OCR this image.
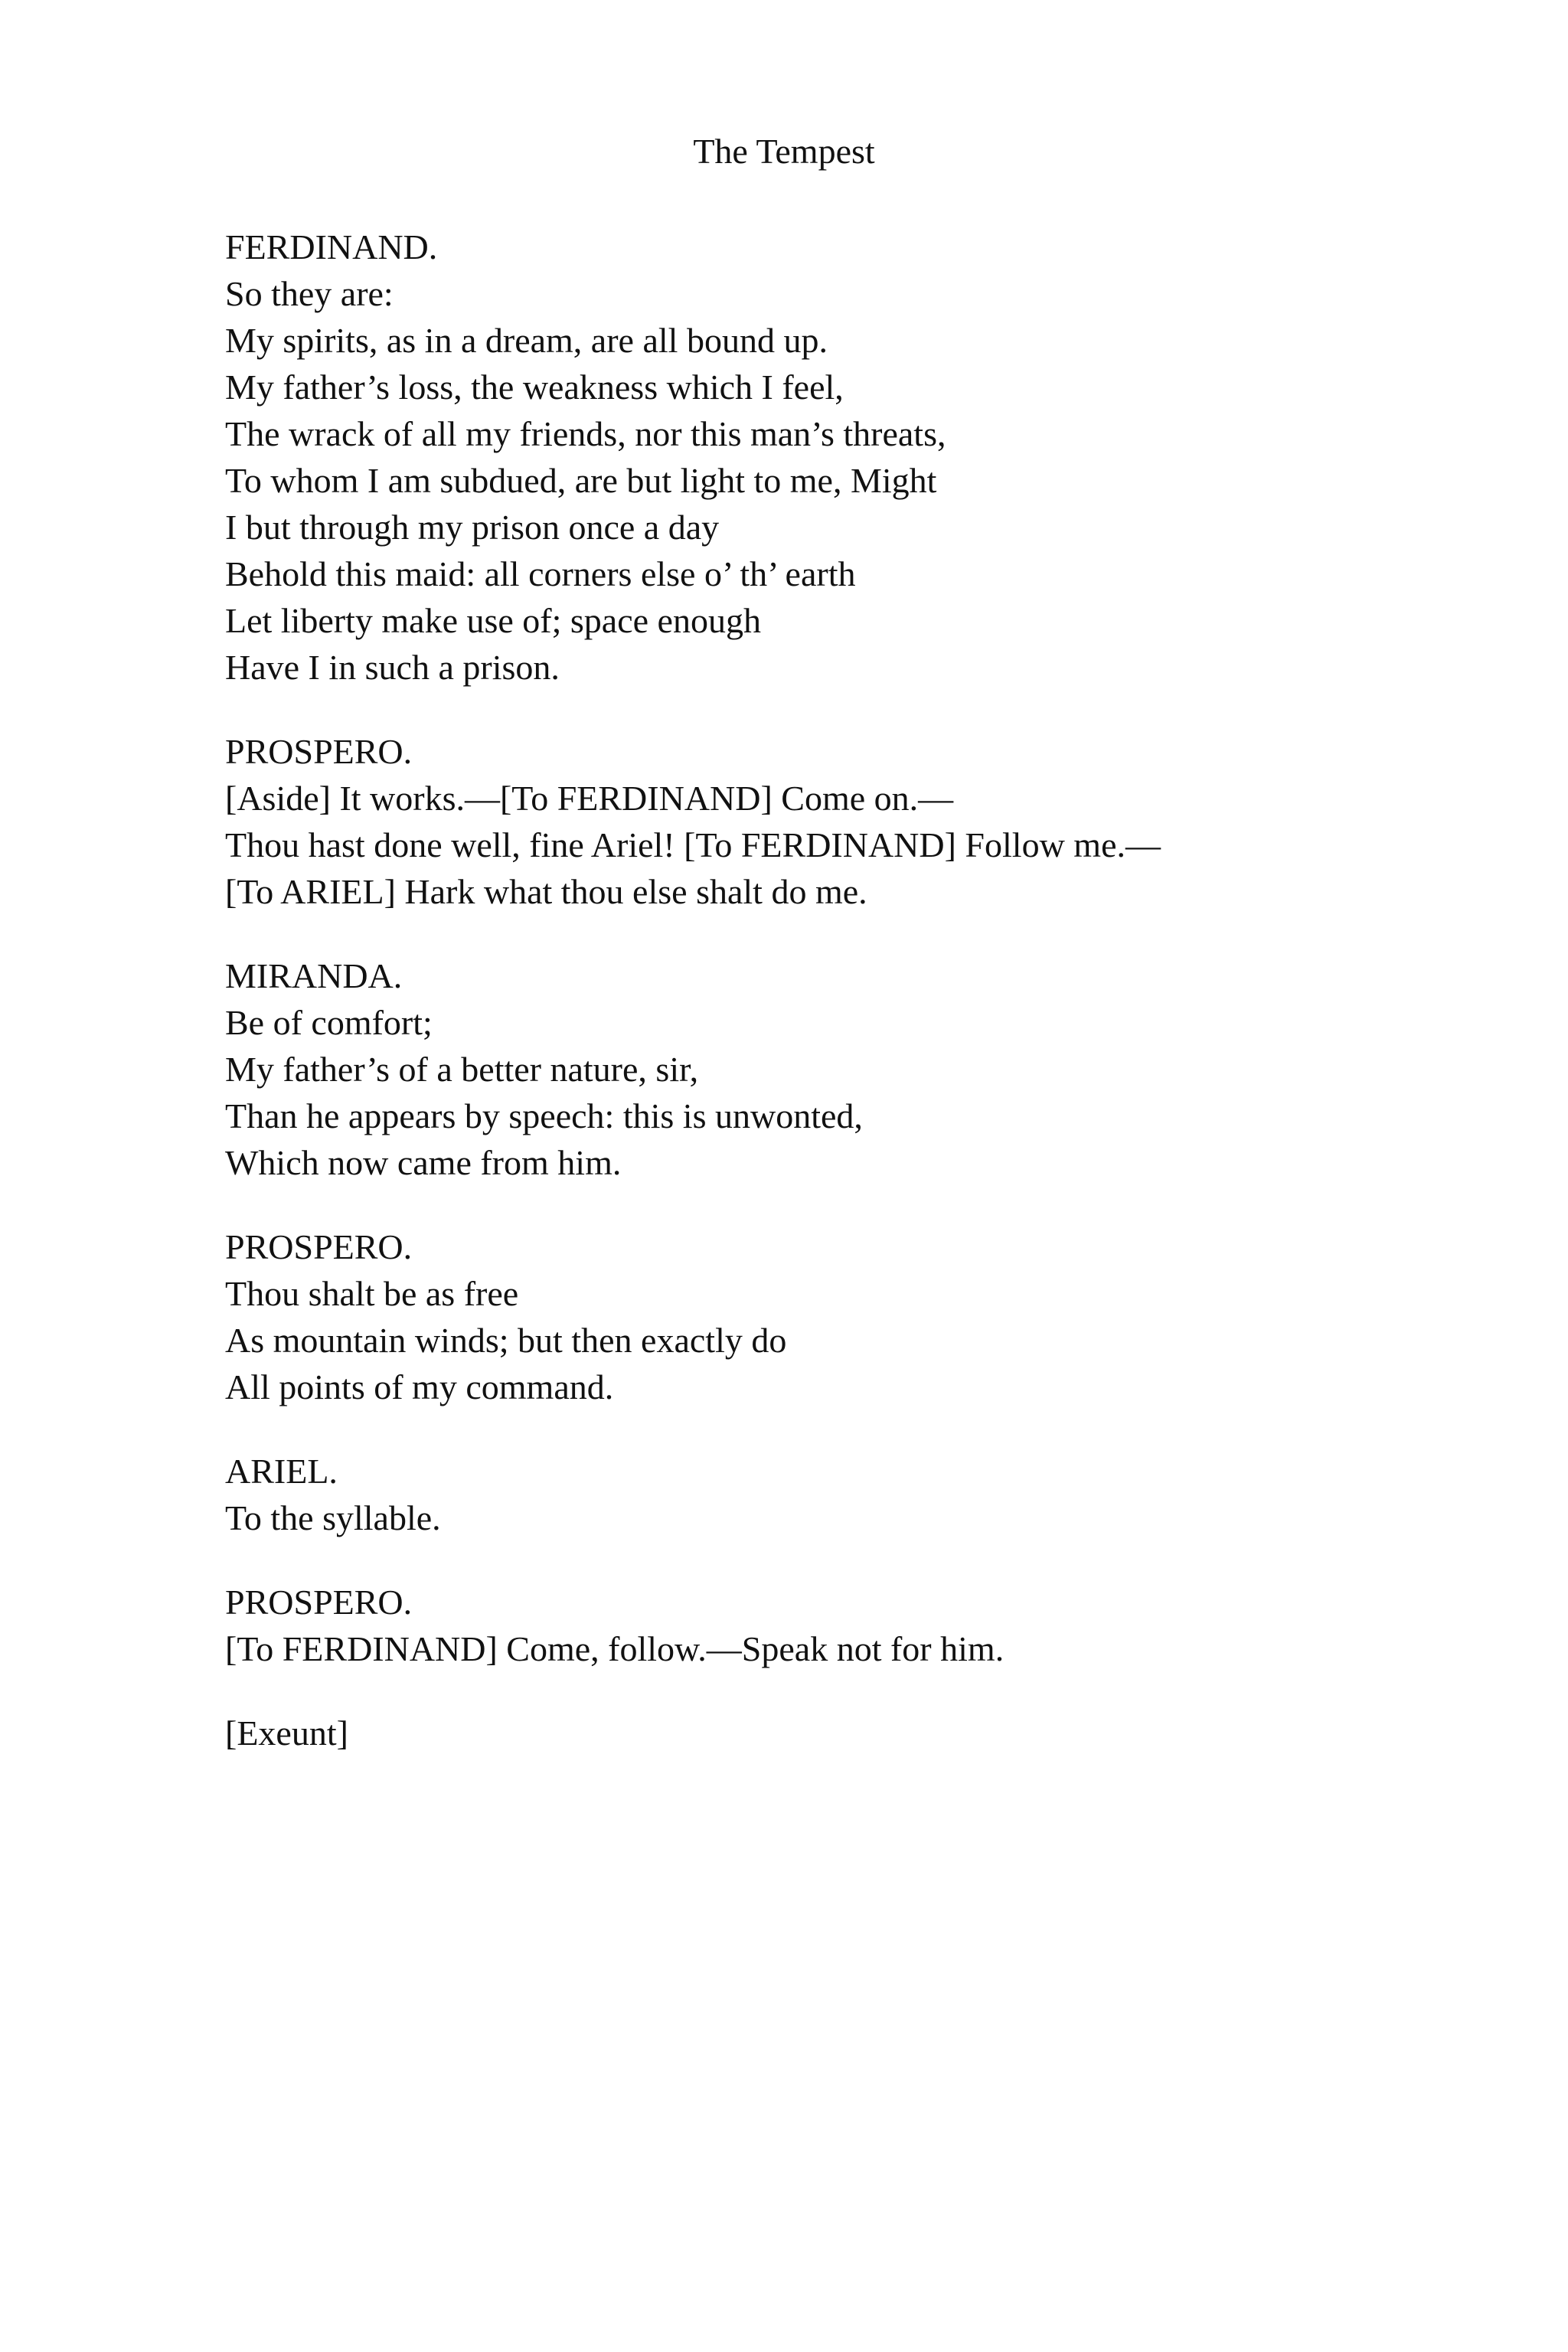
The Tempest
FERDINAND.
So they are:
My spirits, as in a dream, are all bound up.
My father’s loss, the weakness which I feel,
The wrack of all my friends, nor this man’s threats,
To whom I am subdued, are but light to me, Might
I but through my prison once a day
Behold this maid: all corners else o’ th’ earth
Let liberty make use of; space enough
Have I in such a prison.
PROSPERO.
[Aside] It works.—[To FERDINAND] Come on.—
Thou hast done well, fine Ariel! [To FERDINAND] Follow me.—
[To ARIEL] Hark what thou else shalt do me.
MIRANDA.
Be of comfort;
My father’s of a better nature, sir,
Than he appears by speech: this is unwonted,
Which now came from him.
PROSPERO.
Thou shalt be as free
As mountain winds; but then exactly do
All points of my command.
ARIEL.
To the syllable.
PROSPERO.
[To FERDINAND] Come, follow.—Speak not for him.
[Exeunt]
